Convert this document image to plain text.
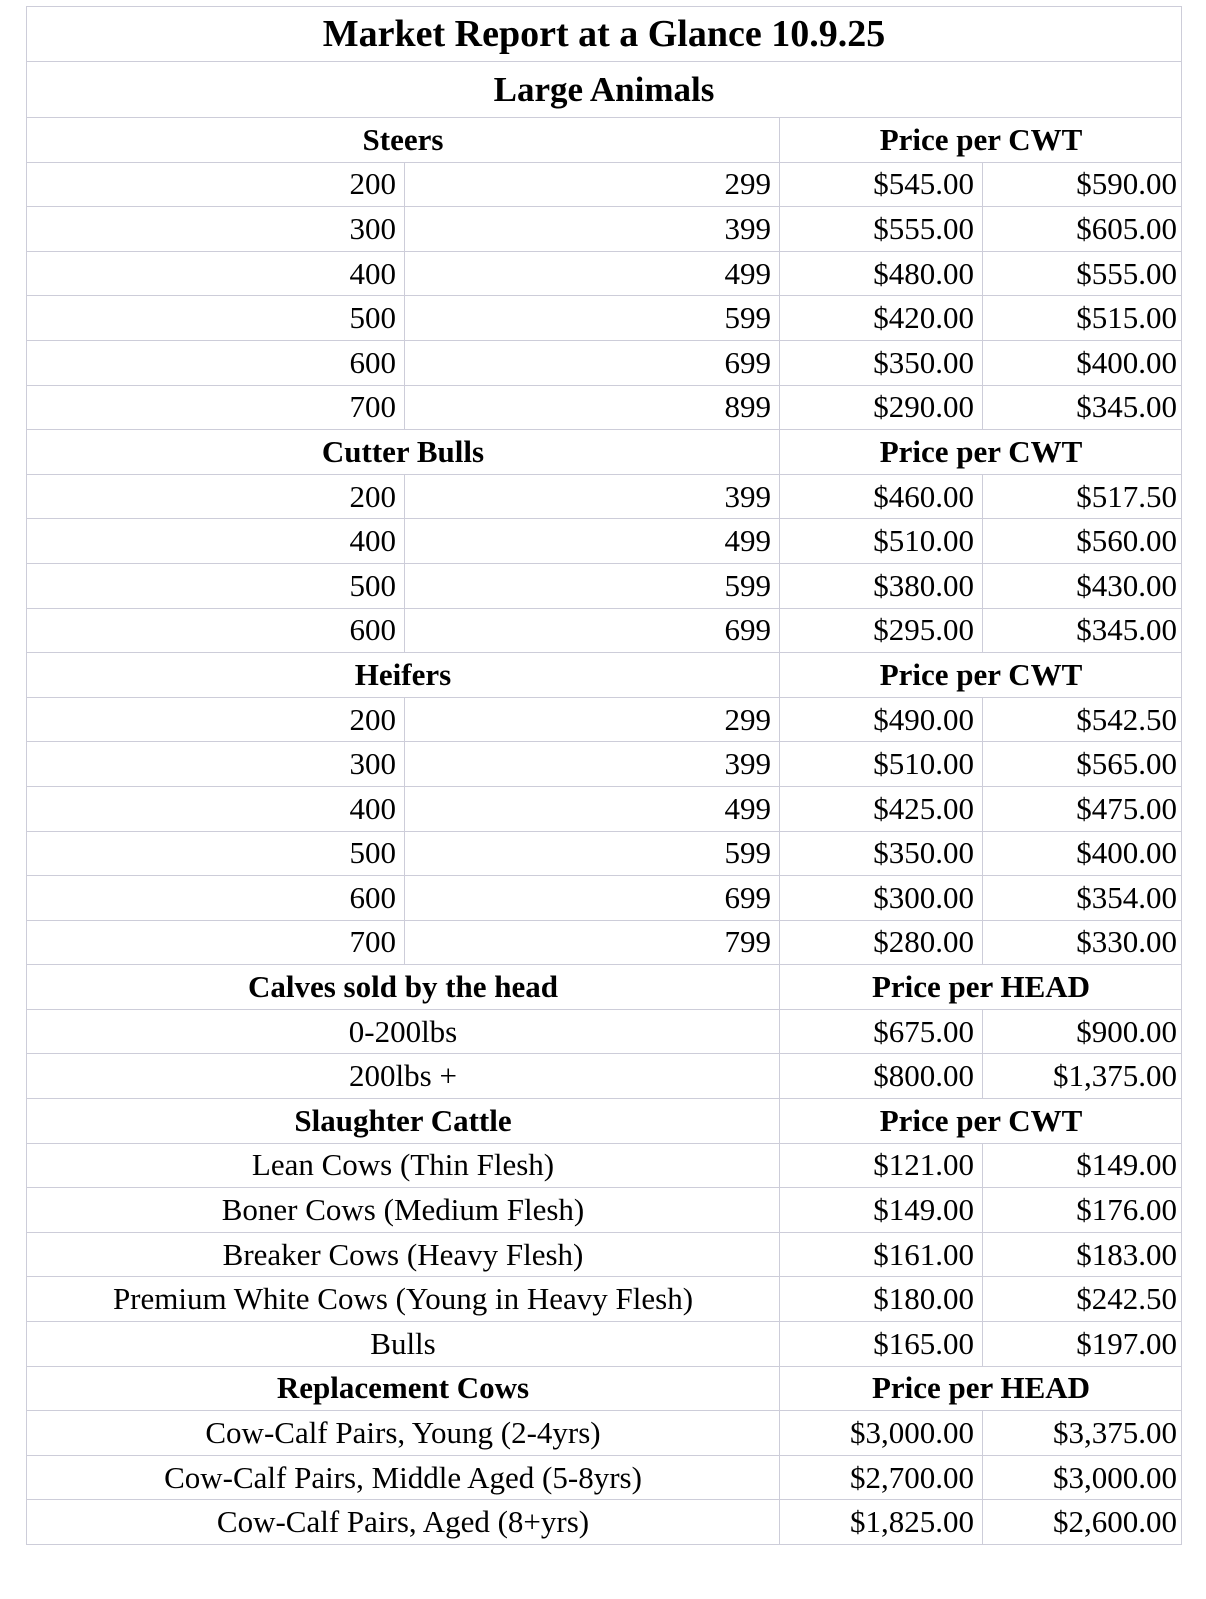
Market Report at a Glance 10.9.25
Large Animals
Steers	Price per CWT
200	299	$545.00	$590.00
300	399	$555.00	$605.00
400	499	$480.00	$555.00
500	599	$420.00	$515.00
600	699	$350.00	$400.00
700	899	$290.00	$345.00
Cutter Bulls	Price per CWT
200	399	$460.00	$517.50
400	499	$510.00	$560.00
500	599	$380.00	$430.00
600	699	$295.00	$345.00
Heifers	Price per CWT
200	299	$490.00	$542.50
300	399	$510.00	$565.00
400	499	$425.00	$475.00
500	599	$350.00	$400.00
600	699	$300.00	$354.00
700	799	$280.00	$330.00
Calves sold by the head	Price per HEAD
0-200lbs	$675.00	$900.00
200lbs +	$800.00	$1,375.00
Slaughter Cattle	Price per CWT
Lean Cows (Thin Flesh)	$121.00	$149.00
Boner Cows (Medium Flesh)	$149.00	$176.00
Breaker Cows (Heavy Flesh)	$161.00	$183.00
Premium White Cows (Young in Heavy Flesh)	$180.00	$242.50
Bulls	$165.00	$197.00
Replacement Cows	Price per HEAD
Cow-Calf Pairs, Young (2-4yrs)	$3,000.00	$3,375.00
Cow-Calf Pairs, Middle Aged (5-8yrs)	$2,700.00	$3,000.00
Cow-Calf Pairs, Aged (8+yrs)	$1,825.00	$2,600.00
